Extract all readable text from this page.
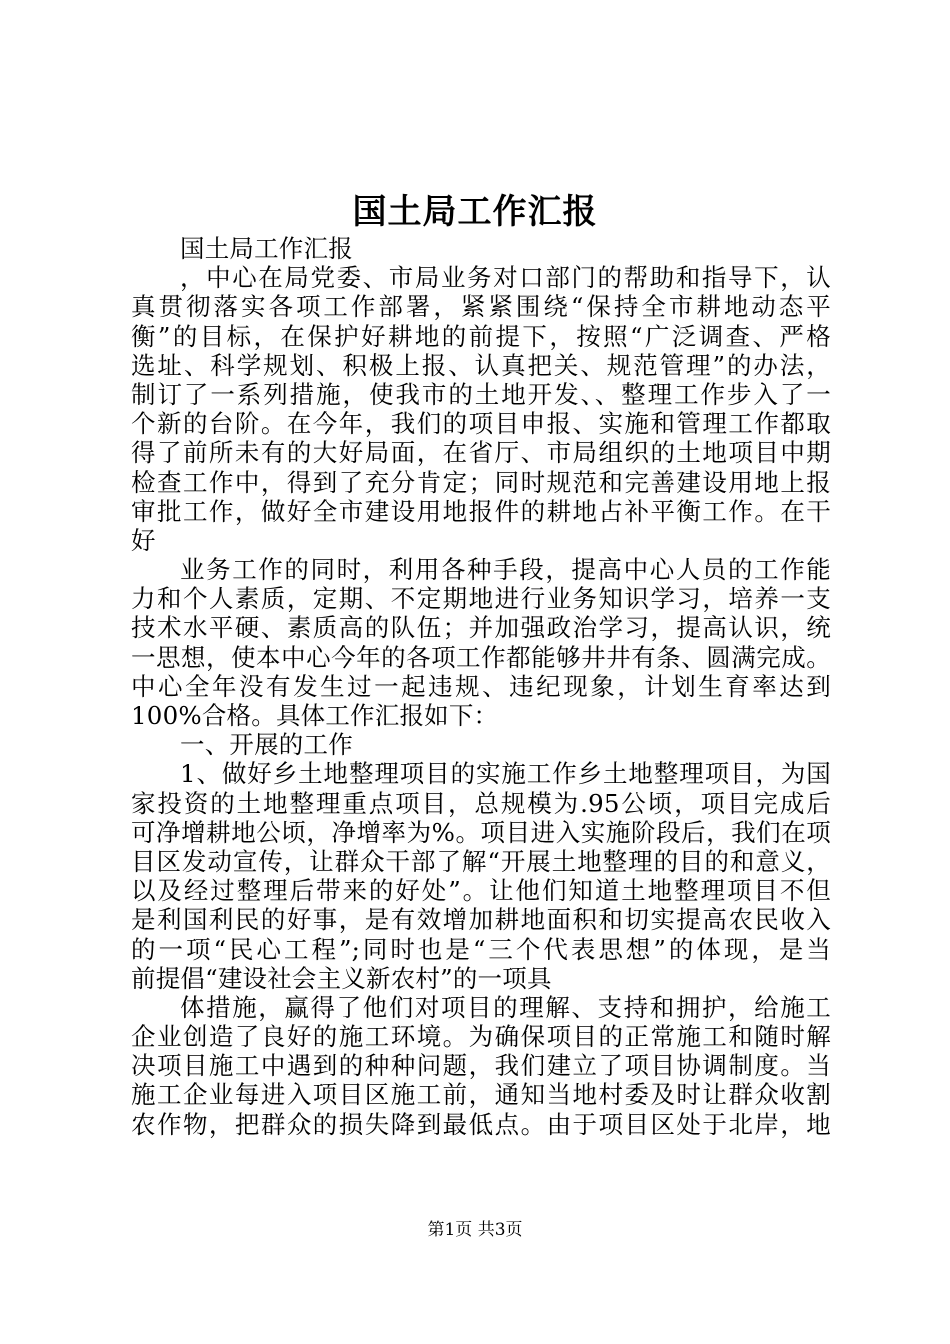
国土局工作汇报
国土局工作汇报
，中心在局党委、市局业务对口部门的帮助和指导下，认
真贯彻落实各项工作部署，紧紧围绕“保持全市耕地动态平
衡”的目标，在保护好耕地的前提下，按照“广泛调查、严格
选址、科学规划、积极上报、认真把关、规范管理”的办法，
制订了一系列措施，使我市的土地开发、、整理工作步入了一
个新的台阶。在今年，我们的项目申报、实施和管理工作都取
得了前所未有的大好局面，在省厅、市局组织的土地项目中期
检查工作中，得到了充分肯定；同时规范和完善建设用地上报
审批工作，做好全市建设用地报件的耕地占补平衡工作。在干
好
业务工作的同时，利用各种手段，提高中心人员的工作能
力和个人素质，定期、不定期地进行业务知识学习，培养一支
技术水平硬、素质高的队伍；并加强政治学习，提高认识，统
一思想，使本中心今年的各项工作都能够井井有条、圆满完成。
中心全年没有发生过一起违规、违纪现象，计划生育率达到
100%合格。具体工作汇报如下：
一、开展的工作
1、做好乡土地整理项目的实施工作乡土地整理项目，为国
家投资的土地整理重点项目，总规模为.95公顷，项目完成后
可净增耕地公顷，净增率为%。项目进入实施阶段后，我们在项
目区发动宣传，让群众干部了解“开展土地整理的目的和意义，
以及经过整理后带来的好处”。让他们知道土地整理项目不但
是利国利民的好事，是有效增加耕地面积和切实提高农民收入
的一项“民心工程”;同时也是“三个代表思想”的体现，是当
前提倡“建设社会主义新农村”的一项具
体措施，赢得了他们对项目的理解、支持和拥护，给施工
企业创造了良好的施工环境。为确保项目的正常施工和随时解
决项目施工中遇到的种种问题，我们建立了项目协调制度。当
施工企业每进入项目区施工前，通知当地村委及时让群众收割
农作物，把群众的损失降到最低点。由于项目区处于北岸，地
第1页 共3页
